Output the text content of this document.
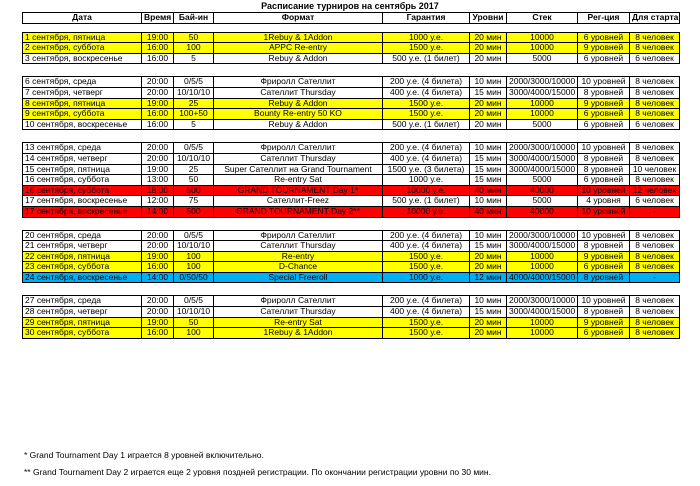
Расписание турниров на сентябрь 2017
Дата	Время	Бай-ин	Формат	Гарантия	Уровни	Стек	Рег-ция	Для старта

1 сентября, пятница	19:00	50	1Rebuy & 1Addon	1000 у.е.	20 мин	10000	6 уровней	8 человек
2 сентября, суббота	16:00	100	APPC Re-entry	1500 у.е.	20 мин	10000	9 уровней	8 человек
3 сентября, воскресенье	16:00	5	Rebuy & Addon	500 у.е. (1 билет)	20 мин	5000	6 уровней	6 человек

6 сентября, среда	20:00	0/5/5	Фриролл Сателлит	200 у.е. (4 билета)	10 мин	2000/3000/10000	10 уровней	8 человек
7 сентября, четверг	20:00	10/10/10	Сателлит Thursday	400 у.е. (4 билета)	15 мин	3000/4000/15000	8 уровней	8 человек
8 сентября, пятница	19:00	25	Rebuy & Addon	1500 у.е.	20 мин	10000	9 уровней	8 человек
9 сентября, суббота	16:00	100+50	Bounty Re-entry 50 KO	1500 у.е.	20 мин	10000	6 уровней	8 человек
10 сентября, воскресенье	16:00	5	Rebuy & Addon	500 у.е. (1 билет)	20 мин	5000	6 уровней	6 человек

13 сентября, среда	20:00	0/5/5	Фриролл Сателлит	200 у.е. (4 билета)	10 мин	2000/3000/10000	10 уровней	8 человек
14 сентября, четверг	20:00	10/10/10	Сателлит Thursday	400 у.е. (4 билета)	15 мин	3000/4000/15000	8 уровней	8 человек
15 сентября, пятница	19:00	25	Super Сателлит на Grand Tournament	1500 у.е. (3 билета)	15 мин	3000/4000/15000	8 уровней	10 человек
16 сентября, суббота	13:00	50	Re-entry Sat	1000 у.е.	15 мин	5000	6 уровней	8 человек
16 сентября, суббота	18:00	500	GRAND TOURNAMENT Day 1*	10000 у.е.	40 мин	40000	10 уровней	12 человек
17 сентября, воскресенье	12:00	75	Сателлит-Freez	500 у.е. (1 билет)	10 мин	5000	4 уровня	6 человек
17 сентября, воскресенье	14:00	500	GRAND TOURNAMENT Day 2**	10000 у.е.	40 мин	40000	10 уровней	-

20 сентября, среда	20:00	0/5/5	Фриролл Сателлит	200 у.е. (4 билета)	10 мин	2000/3000/10000	10 уровней	8 человек
21 сентября, четверг	20:00	10/10/10	Сателлит Thursday	400 у.е. (4 билета)	15 мин	3000/4000/15000	8 уровней	8 человек
22 сентября, пятница	19:00	100	Re-entry	1500 у.е.	20 мин	10000	9 уровней	8 человек
23 сентября, суббота	16:00	100	D-Chance	1500 у.е.	20 мин	10000	6 уровней	8 человек
24 сентября, воскресенье	14:00	0/50/50	Special Freeroll	1000 у.е.	12 мин	4000/4000/15000	8 уровней	-

27 сентября, среда	20:00	0/5/5	Фриролл Сателлит	200 у.е. (4 билета)	10 мин	2000/3000/10000	10 уровней	8 человек
28 сентября, четверг	20:00	10/10/10	Сателлит Thursday	400 у.е. (4 билета)	15 мин	3000/4000/15000	8 уровней	8 человек
29 сентября, пятница	19:00	50	Re-entry Sat	1500 у.е.	20 мин	10000	9 уровней	8 человек
30 сентября, суббота	16:00	100	1Rebuy & 1Addon	1500 у.е.	20 мин	10000	6 уровней	8 человек
* Grand Tournament Day 1 играется 8 уровней включительно.
** Grand Tournament Day 2 играется еще 2 уровня поздней регистрации. По окончании регистрации уровни по 30 мин.
